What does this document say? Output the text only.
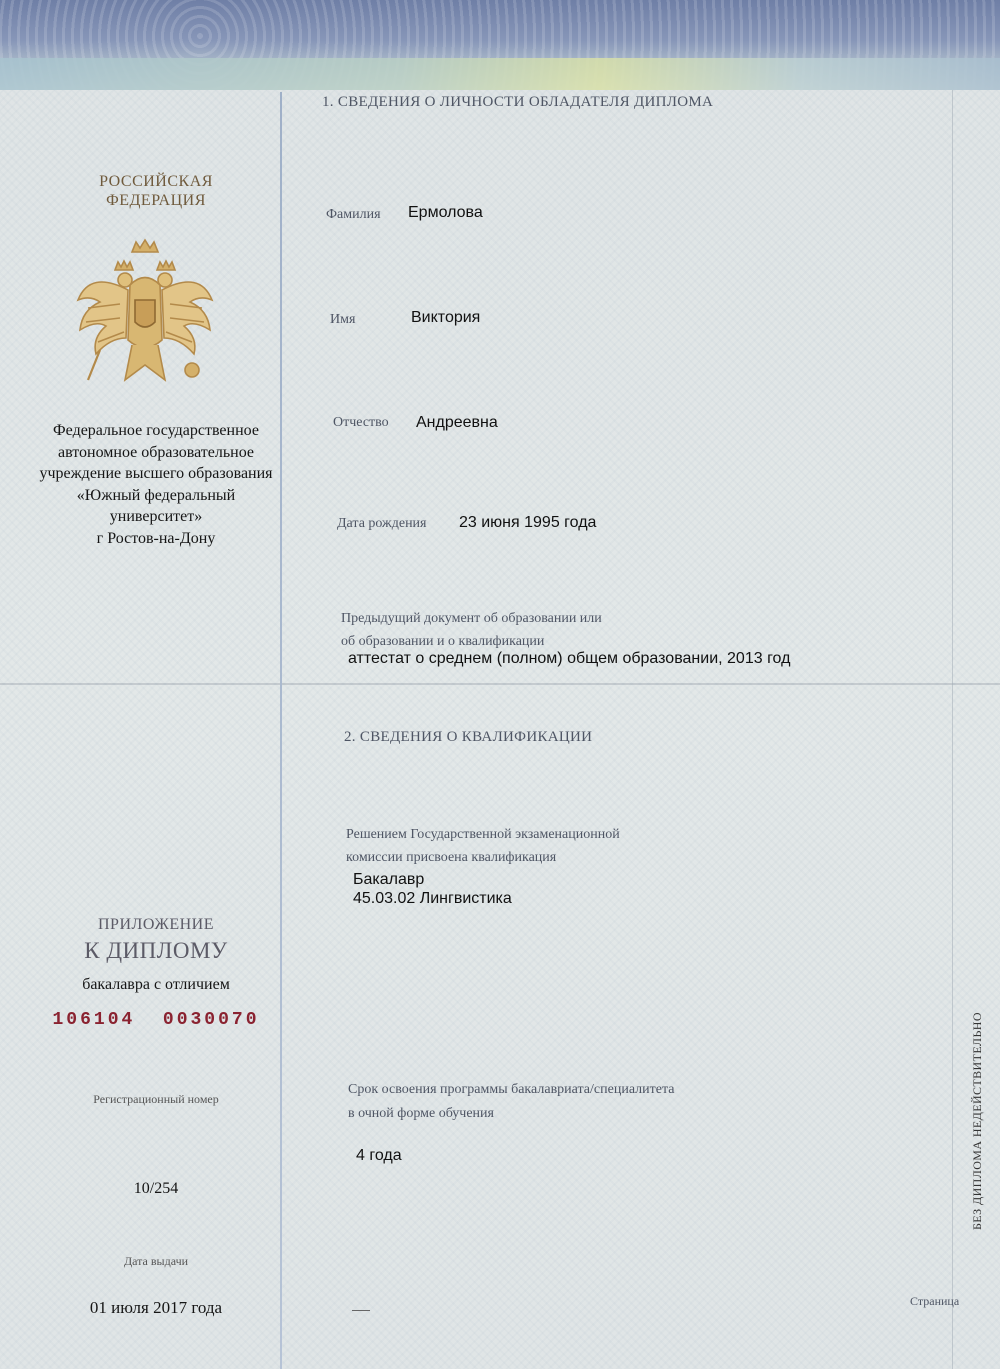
РОССИЙСКАЯ
ФЕДЕРАЦИЯ
Федеральное государственное
автономное образовательное
учреждение высшего образования
«Южный федеральный
университет»
г Ростов-на-Дону
ПРИЛОЖЕНИЕ
К ДИПЛОМУ
бакалавра с отличием
106104  0030070
Регистрационный номер
10/254
Дата выдачи
01 июля 2017 года
1. СВЕДЕНИЯ О ЛИЧНОСТИ ОБЛАДАТЕЛЯ ДИПЛОМА
Фамилия Ермолова
Имя	Виктория
Отчество Андреевна
Дата рождения 23 июня 1995 года
Предыдущий документ об образовании или
об образовании и о квалификации
аттестат о среднем (полном) общем образовании, 2013 год
2. СВЕДЕНИЯ О КВАЛИФИКАЦИИ
Решением Государственной экзаменационной
комиссии присвоена квалификация
Бакалавр
45.03.02 Лингвистика
Срок освоения программы бакалавриата/специалитета
в очной форме обучения
4 года
Страница
БЕЗ ДИПЛОМА НЕДЕЙСТВИТЕЛЬНО
